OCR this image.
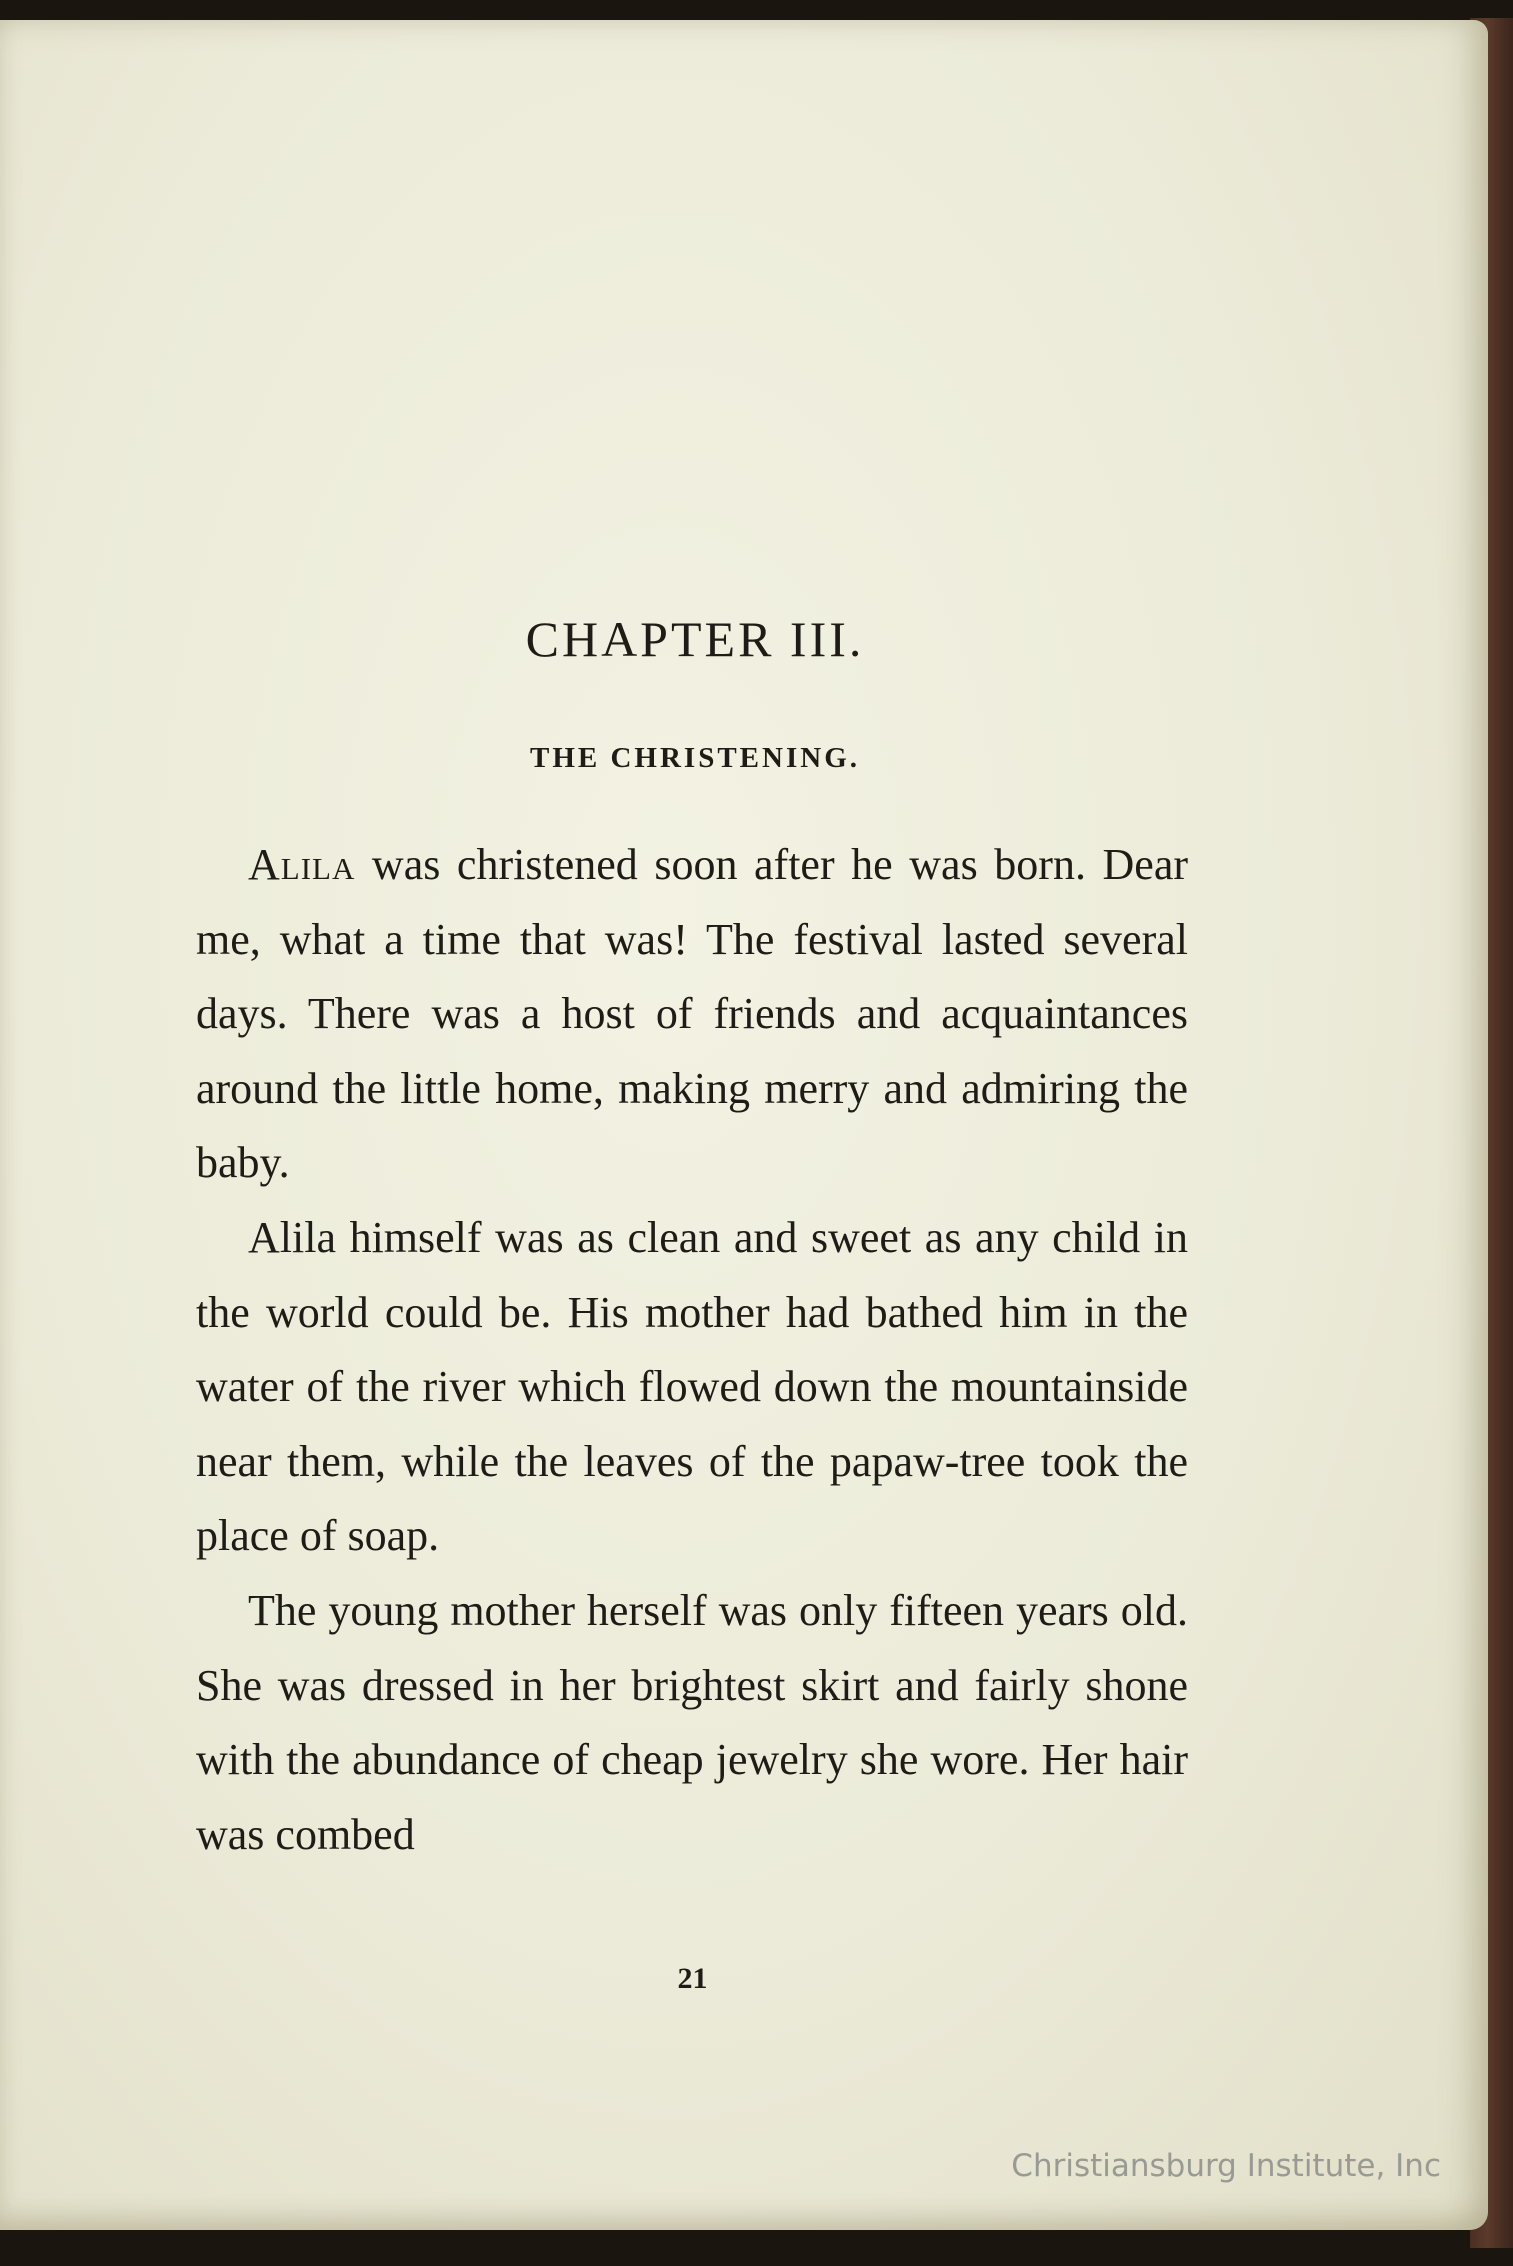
CHAPTER III.
THE CHRISTENING.

Alila was christened soon after he was born. Dear me, what a time that was! The festival lasted several days. There was a host of friends and acquaintances around the little home, making merry and admiring the baby.

Alila himself was as clean and sweet as any child in the world could be. His mother had bathed him in the water of the river which flowed down the mountainside near them, while the leaves of the papaw-tree took the place of soap.

The young mother herself was only fifteen years old. She was dressed in her brightest skirt and fairly shone with the abundance of cheap jewelry she wore. Her hair was combed

21
Christiansburg Institute, Inc
